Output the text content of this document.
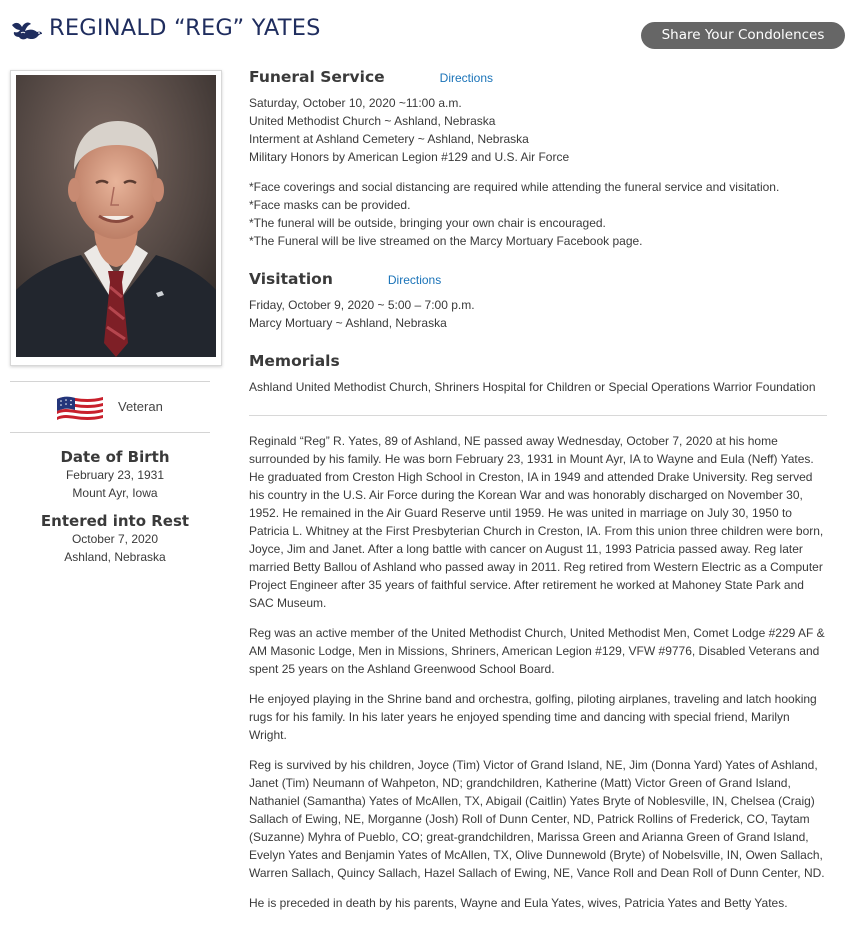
REGINALD “REG” YATES	Share Your Condolences
Veteran
Date of Birth

February 23, 1931

Mount Ayr, Iowa

Entered into Rest

October 7, 2020

Ashland, Nebraska

Funeral Service	Directions
Saturday, October 10, 2020 ~11:00 a.m.
United Methodist Church ~ Ashland, Nebraska
Interment at Ashland Cemetery ~ Ashland, Nebraska
Military Honors by American Legion #129 and U.S. Air Force
*Face coverings and social distancing are required while attending the funeral service and visitation.
*Face masks can be provided.
*The funeral will be outside, bringing your own chair is encouraged.
*The Funeral will be live streamed on the Marcy Mortuary Facebook page.
Visitation	Directions
Friday, October 9, 2020 ~ 5:00 – 7:00 p.m.
Marcy Mortuary ~ Ashland, Nebraska
Memorials
Ashland United Methodist Church, Shriners Hospital for Children or Special Operations Warrior Foundation

Reginald “Reg” R. Yates, 89 of Ashland, NE passed away Wednesday, October 7, 2020 at his home surrounded by his family. He was born February 23, 1931 in Mount Ayr, IA to Wayne and Eula (Neff) Yates. He graduated from Creston High School in Creston, IA in 1949 and attended Drake University. Reg served his country in the U.S. Air Force during the Korean War and was honorably discharged on November 30, 1952. He remained in the Air Guard Reserve until 1959. He was united in marriage on July 30, 1950 to Patricia L. Whitney at the First Presbyterian Church in Creston, IA. From this union three children were born, Joyce, Jim and Janet. After a long battle with cancer on August 11, 1993 Patricia passed away. Reg later married Betty Ballou of Ashland who passed away in 2011. Reg retired from Western Electric as a Computer Project Engineer after 35 years of faithful service. After retirement he worked at Mahoney State Park and SAC Museum.

Reg was an active member of the United Methodist Church, United Methodist Men, Comet Lodge #229 AF & AM Masonic Lodge, Men in Missions, Shriners, American Legion #129, VFW #9776, Disabled Veterans and spent 25 years on the Ashland Greenwood School Board.

He enjoyed playing in the Shrine band and orchestra, golfing, piloting airplanes, traveling and latch hooking rugs for his family. In his later years he enjoyed spending time and dancing with special friend, Marilyn Wright.

Reg is survived by his children, Joyce (Tim) Victor of Grand Island, NE, Jim (Donna Yard) Yates of Ashland, Janet (Tim) Neumann of Wahpeton, ND; grandchildren, Katherine (Matt) Victor Green of Grand Island, Nathaniel (Samantha) Yates of McAllen, TX, Abigail (Caitlin) Yates Bryte of Noblesville, IN, Chelsea (Craig) Sallach of Ewing, NE, Morganne (Josh) Roll of Dunn Center, ND, Patrick Rollins of Frederick, CO, Taytam (Suzanne) Myhra of Pueblo, CO; great-grandchildren, Marissa Green and Arianna Green of Grand Island, Evelyn Yates and Benjamin Yates of McAllen, TX, Olive Dunnewold (Bryte) of Nobelsville, IN, Owen Sallach, Warren Sallach, Quincy Sallach, Hazel Sallach of Ewing, NE, Vance Roll and Dean Roll of Dunn Center, ND.

He is preceded in death by his parents, Wayne and Eula Yates, wives, Patricia Yates and Betty Yates.
